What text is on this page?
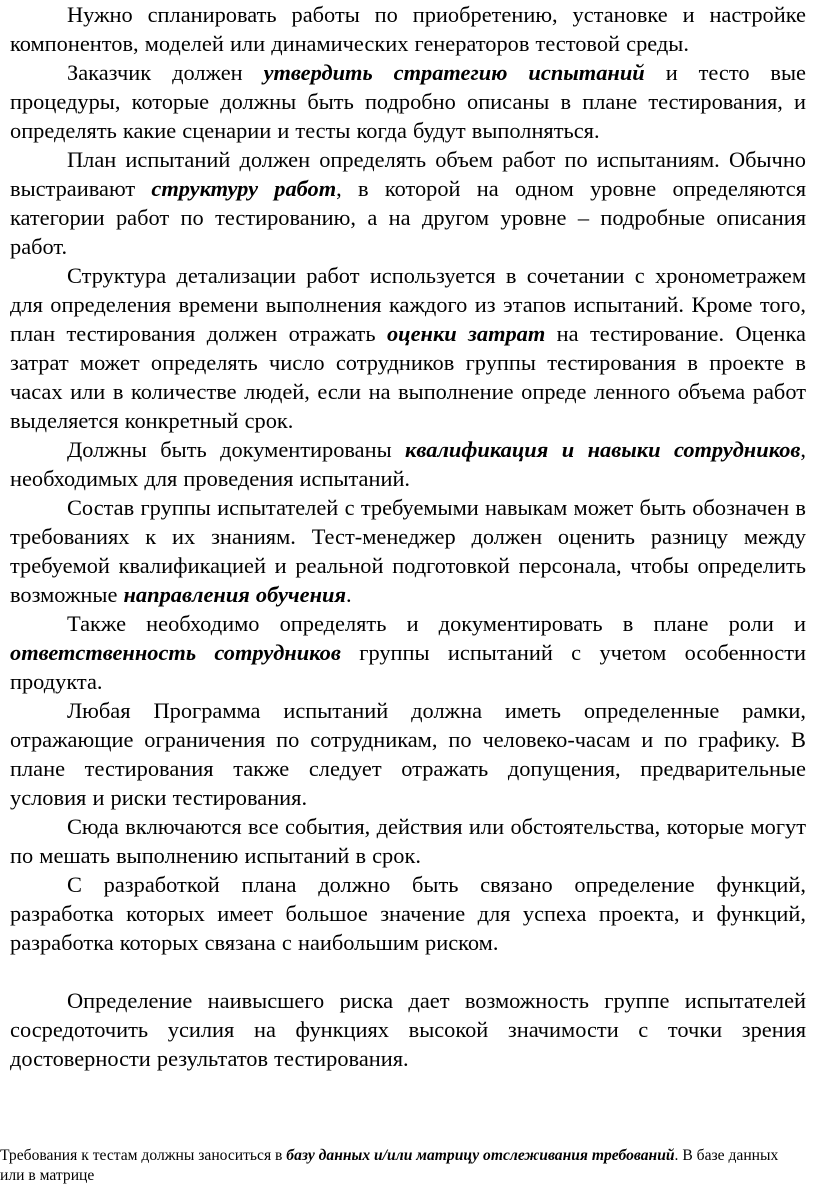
Нужно спланировать работы по приобретению, установке и настройке компонентов, моделей или динамических генераторов тестовой среды.

Заказчик должен утвердить стратегию испытаний и тесто вые процедуры, которые должны быть подробно описаны в плане тестирования, и определять какие сценарии и тесты когда будут выполняться.

План испытаний должен определять объем работ по испытаниям. Обычно выстраивают структуру работ, в которой на одном уровне определяются категории работ по тестированию, а на другом уровне – подробные описания работ.

Структура детализации работ используется в сочетании с хронометражем для определения времени выполнения каждого из этапов испытаний. Кроме того, план тестирования должен отражать оценки затрат на тестирование. Оценка затрат может определять число сотрудников группы тестирования в проекте в часах или в количестве людей, если на выполнение опреде ленного объема работ выделяется конкретный срок.

Должны быть документированы квалификация и навыки сотрудников, необходимых для проведения испытаний.

Состав группы испытателей с требуемыми навыкам может быть обозначен в требованиях к их знаниям. Тест-менеджер должен оценить разницу между требуемой квалификацией и реальной подготовкой персонала, чтобы определить возможные направления обучения.

Также необходимо определять и документировать в плане роли и ответственность сотрудников группы испытаний с учетом особенности продукта.

Любая Программа испытаний должна иметь определенные рамки, отражающие ограничения по сотрудникам, по человеко-часам и по графику. В плане тестирования также следует отражать допущения, предварительные условия и риски тестирования.

Сюда включаются все события, действия или обстоятельства, которые могут по мешать выполнению испытаний в срок.

С разработкой плана должно быть связано определение функций, разработка которых имеет большое значение для успеха проекта, и функций, разработка которых связана с наибольшим риском.

Определение наивысшего риска дает возможность группе испытателей сосредоточить усилия на функциях высокой значимости с точки зрения достоверности результатов тестирования.

Требования к тестам должны заноситься в базу данных и/или матрицу отслеживания требований. В базе данных или в матрице
